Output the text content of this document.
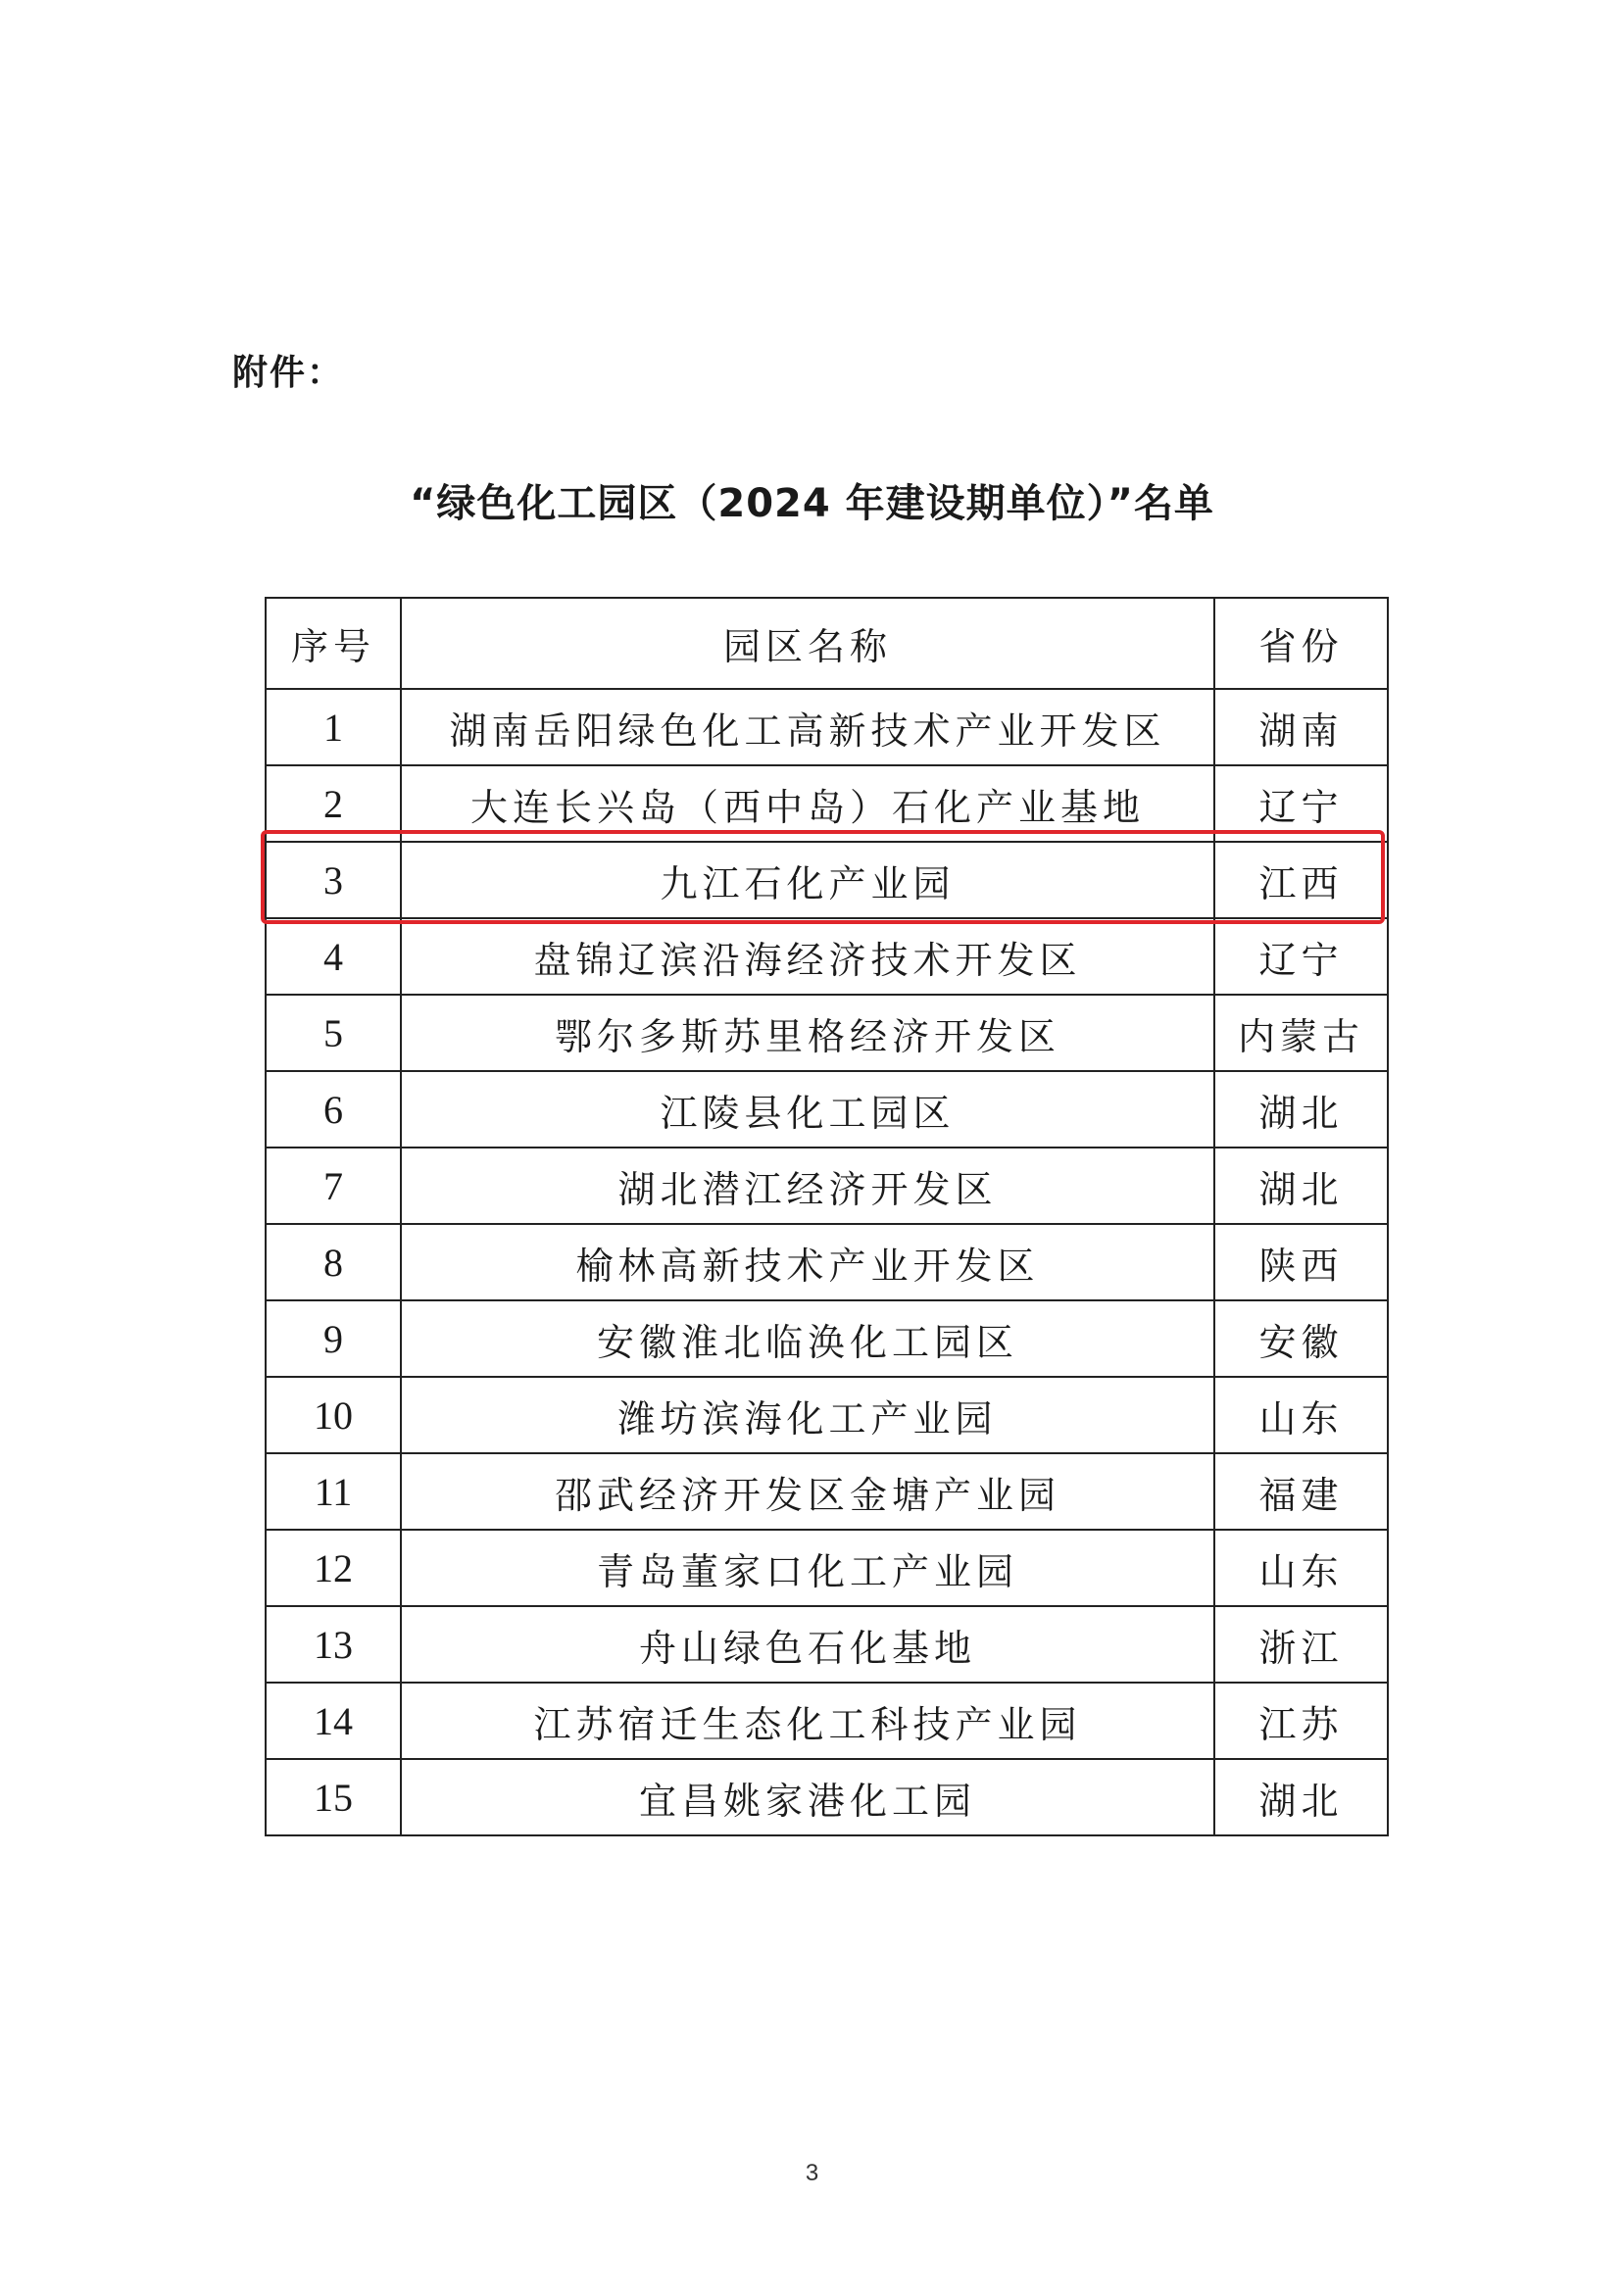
附件：
“绿色化工园区（2024 年建设期单位）”名单
序号	园区名称	省份
1	湖南岳阳绿色化工高新技术产业开发区	湖南
2	大连长兴岛（西中岛）石化产业基地	辽宁
3	九江石化产业园	江西
4	盘锦辽滨沿海经济技术开发区	辽宁
5	鄂尔多斯苏里格经济开发区	内蒙古
6	江陵县化工园区	湖北
7	湖北潜江经济开发区	湖北
8	榆林高新技术产业开发区	陕西
9	安徽淮北临涣化工园区	安徽
10	潍坊滨海化工产业园	山东
11	邵武经济开发区金塘产业园	福建
12	青岛董家口化工产业园	山东
13	舟山绿色石化基地	浙江
14	江苏宿迁生态化工科技产业园	江苏
15	宜昌姚家港化工园	湖北
3
